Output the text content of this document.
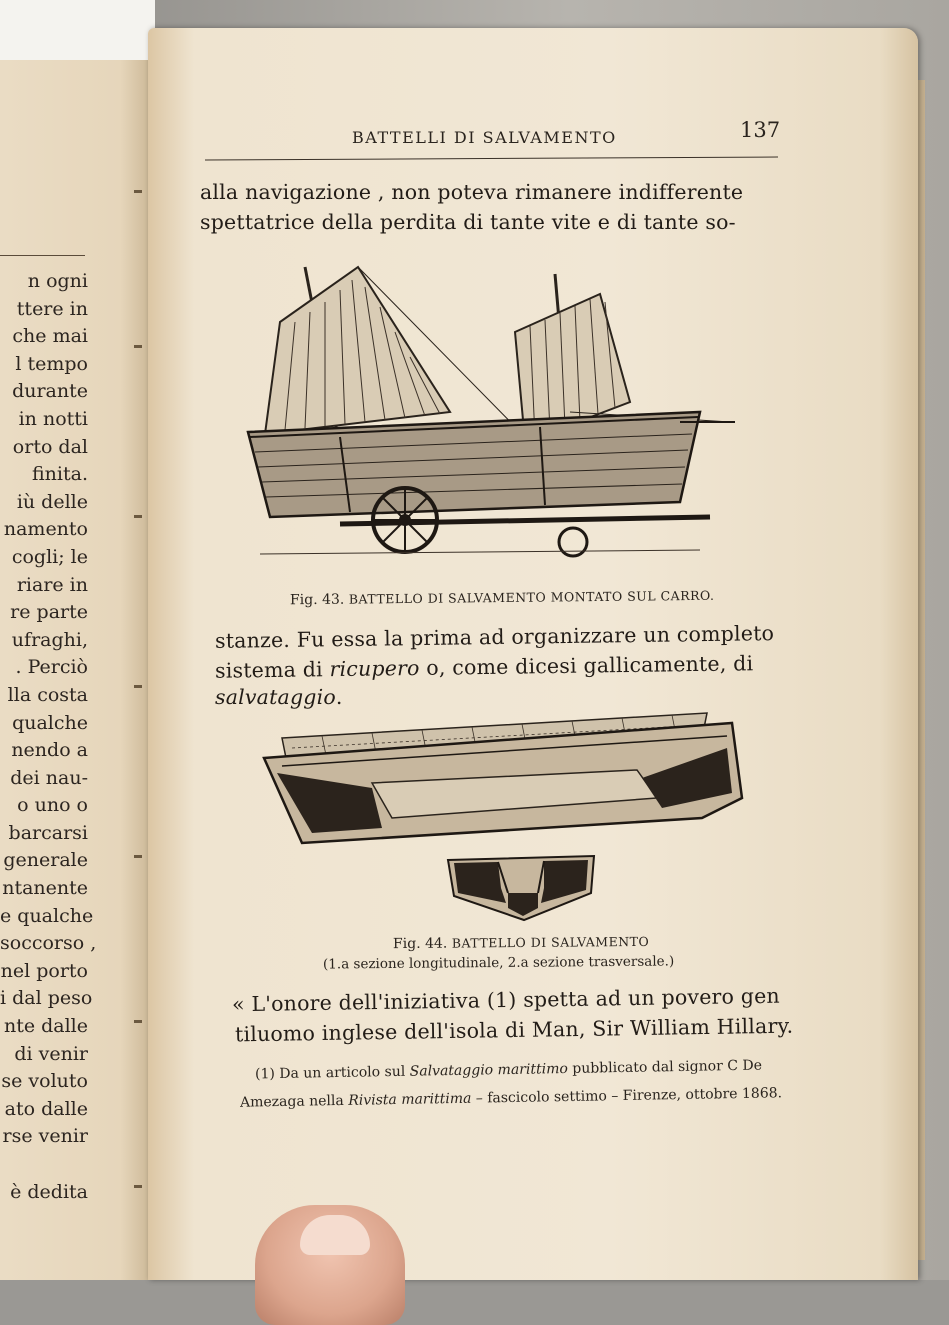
n ogni
ttere in
che mai
l tempo
durante
in notti
orto dal
finita.
iù delle
namento
cogli; le
riare in
re parte
ufraghi,
. Perciò
lla costa
qualche
nendo a
dei nau-
o uno o
barcarsi
generale
ntanente
e qualche
soccorso ,
nel porto
i dal peso
nte dalle
di venir
se voluto
ato dalle
rse venir
è dedita
BATTELLI DI SALVAMENTO	137
alla navigazione , non poteva rimanere indifferente
spettatrice della perdita di tante vite e di tante so-
Fig. 43. BATTELLO DI SALVAMENTO MONTATO SUL CARRO.
stanze. Fu essa la prima ad organizzare un completo
sistema di ricupero o, come dicesi gallicamente, di
salvataggio.
Fig. 44. BATTELLO DI SALVAMENTO
(1.a sezione longitudinale, 2.a sezione trasversale.)
« L'onore dell'iniziativa (1) spetta ad un povero gen
tiluomo inglese dell'isola di Man, Sir William Hillary.
(1) Da un articolo sul Salvataggio marittimo pubblicato dal signor C De
Amezaga nella Rivista marittima – fascicolo settimo – Firenze, ottobre 1868.
